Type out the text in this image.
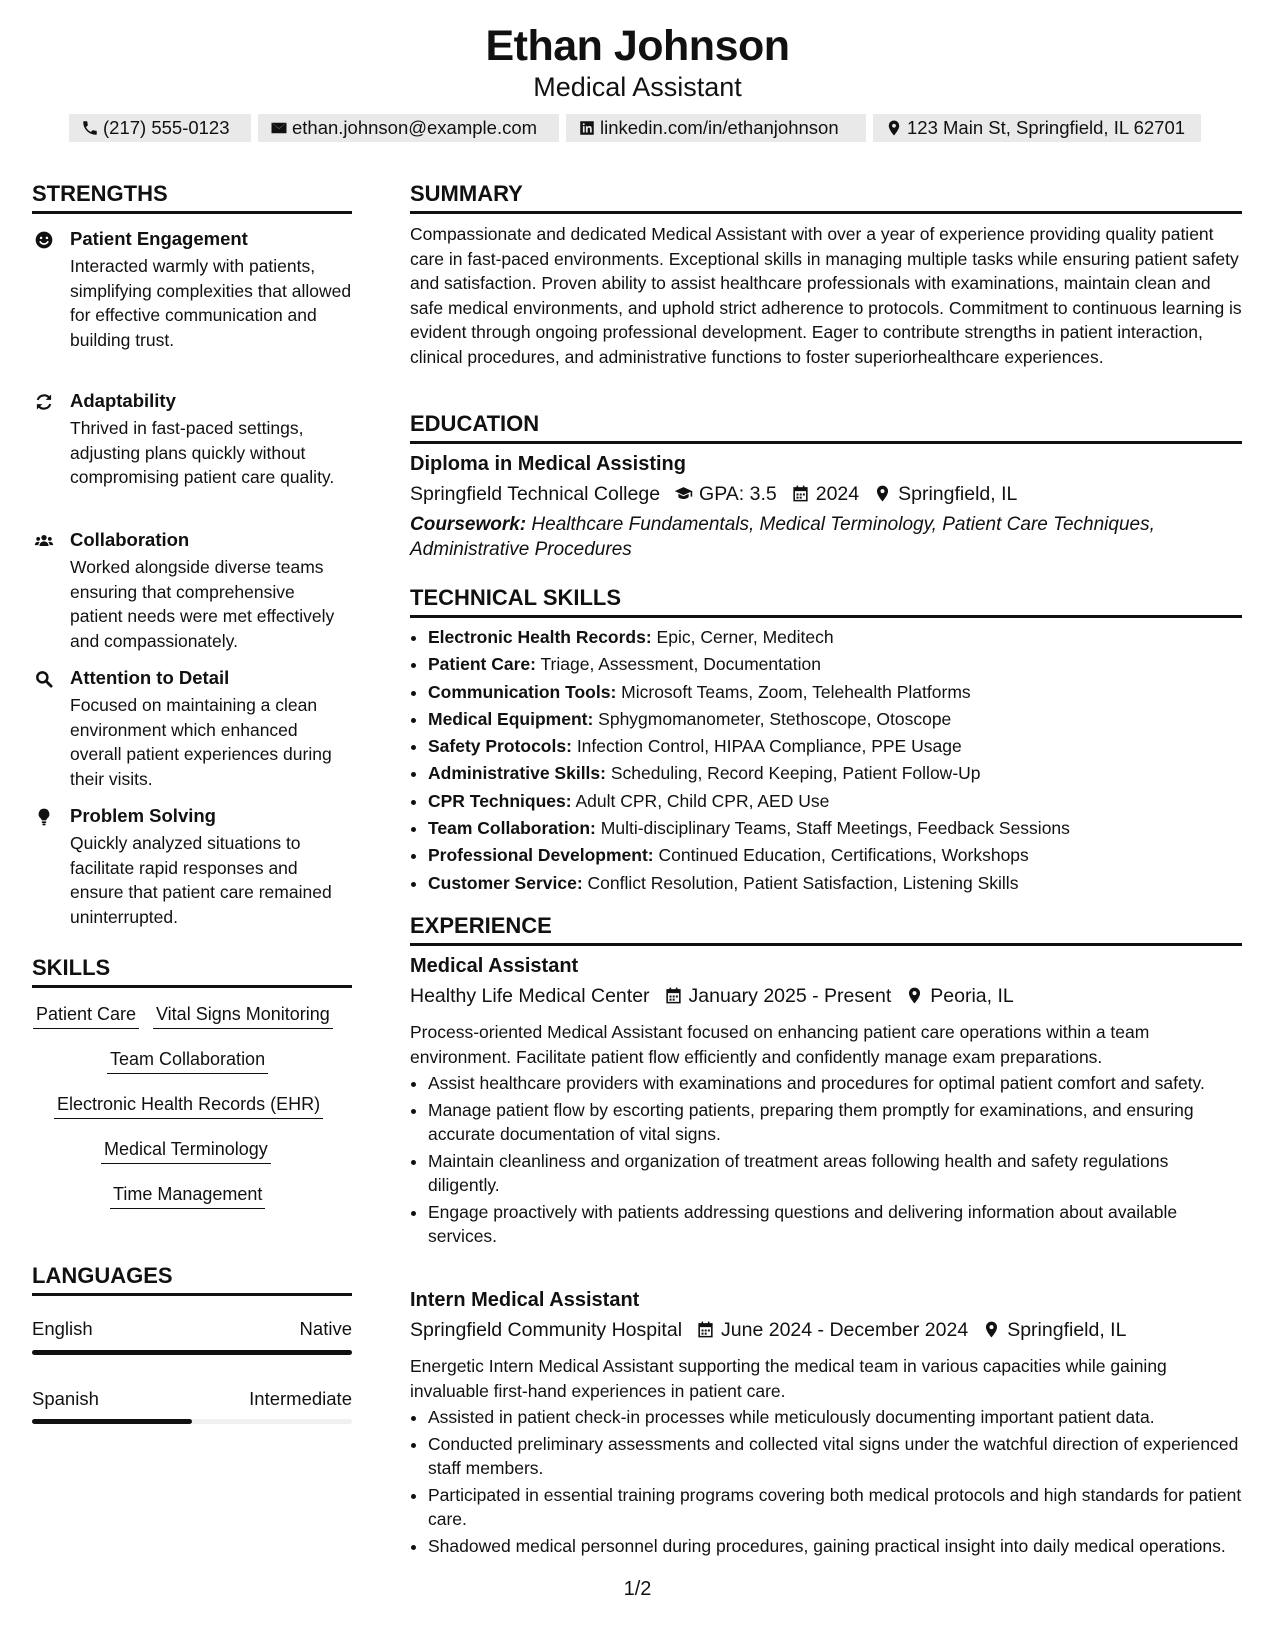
Ethan Johnson
Medical Assistant
(217) 555-0123	ethan.johnson@example.com	linkedin.com/in/ethanjohnson	123 Main St, Springfield, IL 62701
STRENGTHS
Patient Engagement
Interacted warmly with patients, simplifying complexities that allowed for effective communication and building trust.
Adaptability
Thrived in fast-paced settings, adjusting plans quickly without compromising patient care quality.
Collaboration
Worked alongside diverse teams ensuring that comprehensive patient needs were met effectively and compassionately.
Attention to Detail
Focused on maintaining a clean environment which enhanced overall patient experiences during their visits.
Problem Solving
Quickly analyzed situations to facilitate rapid responses and ensure that patient care remained uninterrupted.
SKILLS
Patient Care Vital Signs Monitoring
Team Collaboration
Electronic Health Records (EHR)
Medical Terminology
Time Management
LANGUAGES
English	Native
Spanish	Intermediate
SUMMARY
Compassionate and dedicated Medical Assistant with over a year of experience providing quality patient care in fast-paced environments. Exceptional skills in managing multiple tasks while ensuring patient safety and satisfaction. Proven ability to assist healthcare professionals with examinations, maintain clean and safe medical environments, and uphold strict adherence to protocols. Commitment to continuous learning is evident through ongoing professional development. Eager to contribute strengths in patient interaction, clinical procedures, and administrative functions to foster superiorhealthcare experiences.
EDUCATION
Diploma in Medical Assisting
Springfield Technical College GPA: 3.5 2024 Springfield, IL
Coursework: Healthcare Fundamentals, Medical Terminology, Patient Care Techniques, Administrative Procedures
TECHNICAL SKILLS
• Electronic Health Records: Epic, Cerner, Meditech
• Patient Care: Triage, Assessment, Documentation
• Communication Tools: Microsoft Teams, Zoom, Telehealth Platforms
• Medical Equipment: Sphygmomanometer, Stethoscope, Otoscope
• Safety Protocols: Infection Control, HIPAA Compliance, PPE Usage
• Administrative Skills: Scheduling, Record Keeping, Patient Follow-Up
• CPR Techniques: Adult CPR, Child CPR, AED Use
• Team Collaboration: Multi-disciplinary Teams, Staff Meetings, Feedback Sessions
• Professional Development: Continued Education, Certifications, Workshops
• Customer Service: Conflict Resolution, Patient Satisfaction, Listening Skills
EXPERIENCE
Medical Assistant
Healthy Life Medical Center January 2025 - Present Peoria, IL
Process-oriented Medical Assistant focused on enhancing patient care operations within a team environment. Facilitate patient flow efficiently and confidently manage exam preparations.
• Assist healthcare providers with examinations and procedures for optimal patient comfort and safety.
• Manage patient flow by escorting patients, preparing them promptly for examinations, and ensuring accurate documentation of vital signs.
• Maintain cleanliness and organization of treatment areas following health and safety regulations diligently.
• Engage proactively with patients addressing questions and delivering information about available services.
Intern Medical Assistant
Springfield Community Hospital June 2024 - December 2024 Springfield, IL
Energetic Intern Medical Assistant supporting the medical team in various capacities while gaining invaluable first-hand experiences in patient care.
• Assisted in patient check-in processes while meticulously documenting important patient data.
• Conducted preliminary assessments and collected vital signs under the watchful direction of experienced staff members.
• Participated in essential training programs covering both medical protocols and high standards for patient care.
• Shadowed medical personnel during procedures, gaining practical insight into daily medical operations.
1/2
